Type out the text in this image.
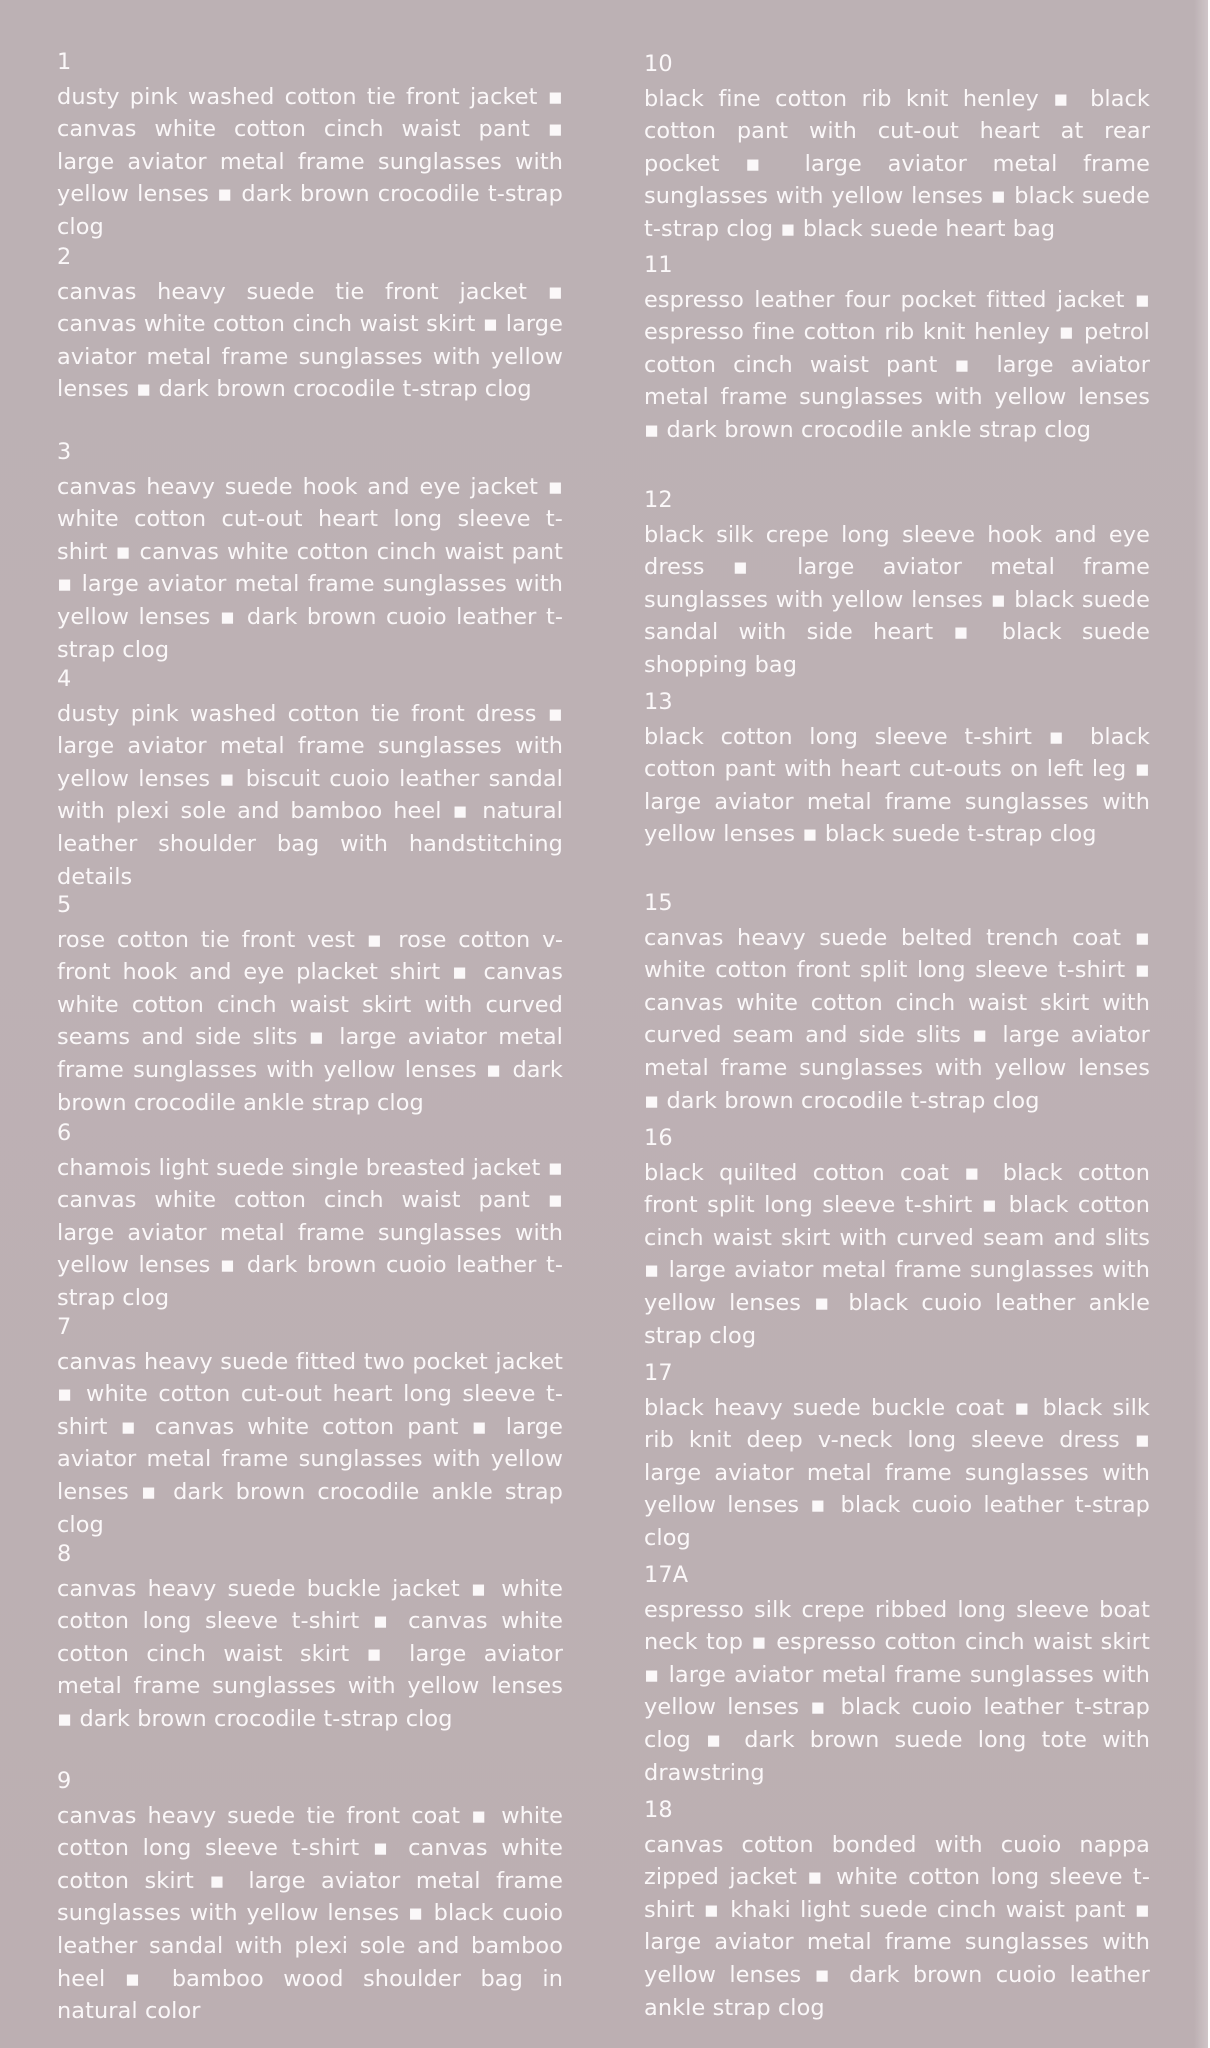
1
dusty pink washed cotton tie front jacket ▪ canvas white cotton cinch waist pant ▪ large aviator metal frame sunglasses with yellow lenses ▪ dark brown crocodile t-strap clog
2
canvas heavy suede tie front jacket ▪ canvas white cotton cinch waist skirt ▪ large aviator metal frame sunglasses with yellow lenses ▪ dark brown crocodile t-strap clog
3
canvas heavy suede hook and eye jacket ▪ white cotton cut-out heart long sleeve t-shirt ▪ canvas white cotton cinch waist pant ▪ large aviator metal frame sunglasses with yellow lenses ▪ dark brown cuoio leather t-strap clog
4
dusty pink washed cotton tie front dress ▪ large aviator metal frame sunglasses with yellow lenses ▪ biscuit cuoio leather sandal with plexi sole and bamboo heel ▪ natural leather shoulder bag with handstitching details
5
rose cotton tie front vest ▪ rose cotton v-front hook and eye placket shirt ▪ canvas white cotton cinch waist skirt with curved seams and side slits ▪ large aviator metal frame sunglasses with yellow lenses ▪ dark brown crocodile ankle strap clog
6
chamois light suede single breasted jacket ▪ canvas white cotton cinch waist pant ▪ large aviator metal frame sunglasses with yellow lenses ▪ dark brown cuoio leather t-strap clog
7
canvas heavy suede fitted two pocket jacket ▪ white cotton cut-out heart long sleeve t-shirt ▪ canvas white cotton pant ▪ large aviator metal frame sunglasses with yellow lenses ▪ dark brown crocodile ankle strap clog
8
canvas heavy suede buckle jacket ▪ white cotton long sleeve t-shirt ▪ canvas white cotton cinch waist skirt ▪ large aviator metal frame sunglasses with yellow lenses ▪ dark brown crocodile t-strap clog
9
canvas heavy suede tie front coat ▪ white cotton long sleeve t-shirt ▪ canvas white cotton skirt ▪ large aviator metal frame sunglasses with yellow lenses ▪ black cuoio leather sandal with plexi sole and bamboo heel ▪ bamboo wood shoulder bag in natural color
10
black fine cotton rib knit henley ▪ black cotton pant with cut-out heart at rear pocket ▪ large aviator metal frame sunglasses with yellow lenses ▪ black suede t-strap clog ▪ black suede heart bag
11
espresso leather four pocket fitted jacket ▪ espresso fine cotton rib knit henley ▪ petrol cotton cinch waist pant ▪ large aviator metal frame sunglasses with yellow lenses ▪ dark brown crocodile ankle strap clog
12
black silk crepe long sleeve hook and eye dress ▪ large aviator metal frame sunglasses with yellow lenses ▪ black suede sandal with side heart ▪ black suede shopping bag
13
black cotton long sleeve t-shirt ▪ black cotton pant with heart cut-outs on left leg ▪ large aviator metal frame sunglasses with yellow lenses ▪ black suede t-strap clog
15
canvas heavy suede belted trench coat ▪ white cotton front split long sleeve t-shirt ▪ canvas white cotton cinch waist skirt with curved seam and side slits ▪ large aviator metal frame sunglasses with yellow lenses ▪ dark brown crocodile t-strap clog
16
black quilted cotton coat ▪ black cotton front split long sleeve t-shirt ▪ black cotton cinch waist skirt with curved seam and slits ▪ large aviator metal frame sunglasses with yellow lenses ▪ black cuoio leather ankle strap clog
17
black heavy suede buckle coat ▪ black silk rib knit deep v-neck long sleeve dress ▪ large aviator metal frame sunglasses with yellow lenses ▪ black cuoio leather t-strap clog
17A
espresso silk crepe ribbed long sleeve boat neck top ▪ espresso cotton cinch waist skirt ▪ large aviator metal frame sunglasses with yellow lenses ▪ black cuoio leather t-strap clog ▪ dark brown suede long tote with drawstring
18
canvas cotton bonded with cuoio nappa zipped jacket ▪ white cotton long sleeve t-shirt ▪ khaki light suede cinch waist pant ▪ large aviator metal frame sunglasses with yellow lenses ▪ dark brown cuoio leather ankle strap clog
